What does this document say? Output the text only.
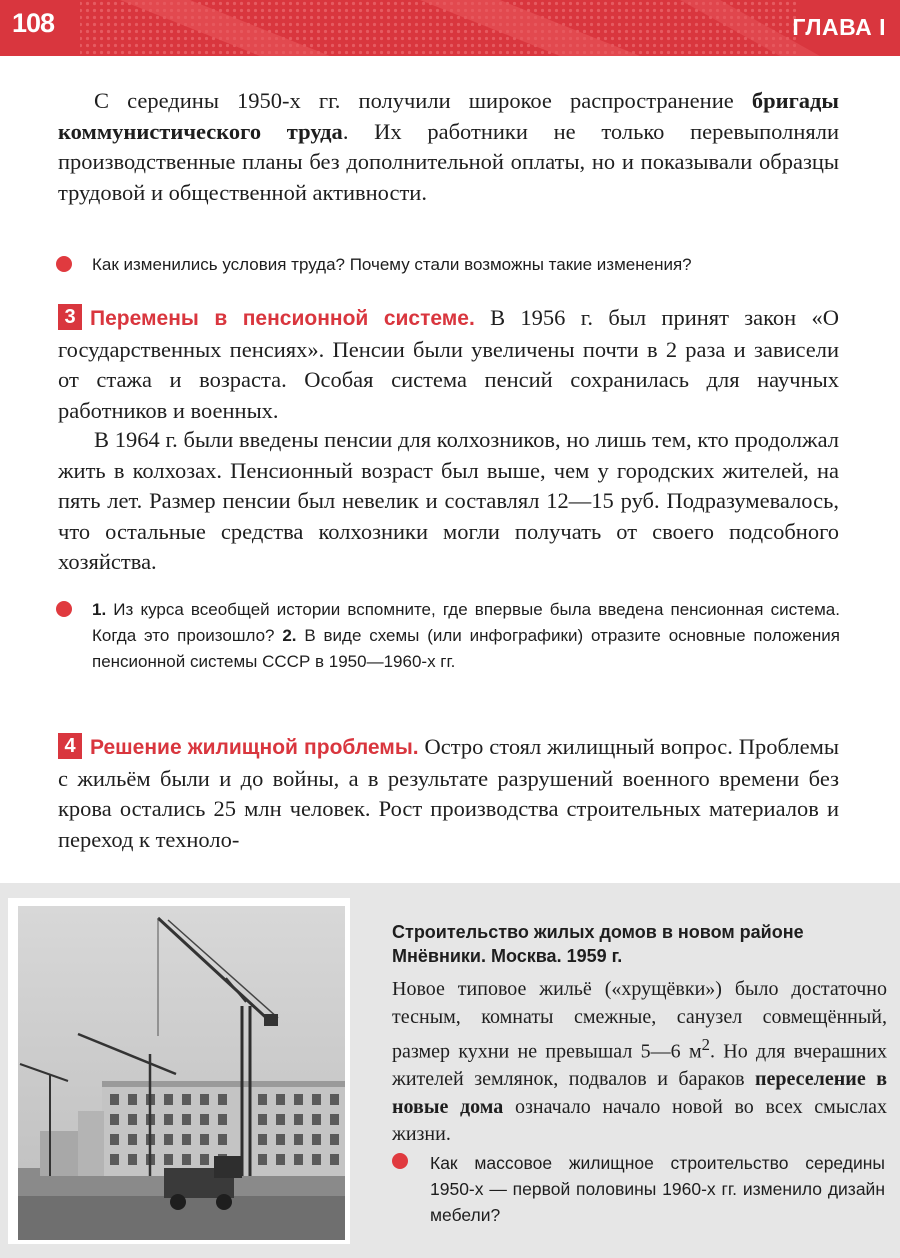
108	ГЛАВА I
С середины 1950-х гг. получили широкое распространение бригады коммунистического труда. Их работники не только перевыполняли производственные планы без дополнительной оплаты, но и показывали образцы трудовой и общественной активности.
Как изменились условия труда? Почему стали возможны такие изменения?
3 Перемены в пенсионной системе. В 1956 г. был принят закон «О государственных пенсиях». Пенсии были увеличены почти в 2 раза и зависели от стажа и возраста. Особая система пенсий сохранилась для научных работников и военных.
В 1964 г. были введены пенсии для колхозников, но лишь тем, кто продолжал жить в колхозах. Пенсионный возраст был выше, чем у городских жителей, на пять лет. Размер пенсии был невелик и составлял 12—15 руб. Подразумевалось, что остальные средства колхозники могли получать от своего подсобного хозяйства.
1. Из курса всеобщей истории вспомните, где впервые была введена пенсионная система. Когда это произошло? 2. В виде схемы (или инфографики) отразите основные положения пенсионной системы СССР в 1950—1960-х гг.
4 Решение жилищной проблемы. Остро стоял жилищный вопрос. Проблемы с жильём были и до войны, а в результате разрушений военного времени без крова остались 25 млн человек. Рост производства строительных материалов и переход к техноло-
Строительство жилых домов в новом районе Мнёвники. Москва. 1959 г.
Новое типовое жильё («хрущёвки») было достаточно тесным, комнаты смежные, санузел совмещённый, размер кухни не превышал 5—6 $м^2$. Но для вчерашних жителей землянок, подвалов и бараков переселение в новые дома означало начало новой во всех смыслах жизни.
Как массовое жилищное строительство середины 1950-х — первой половины 1960-х гг. изменило дизайн мебели?
